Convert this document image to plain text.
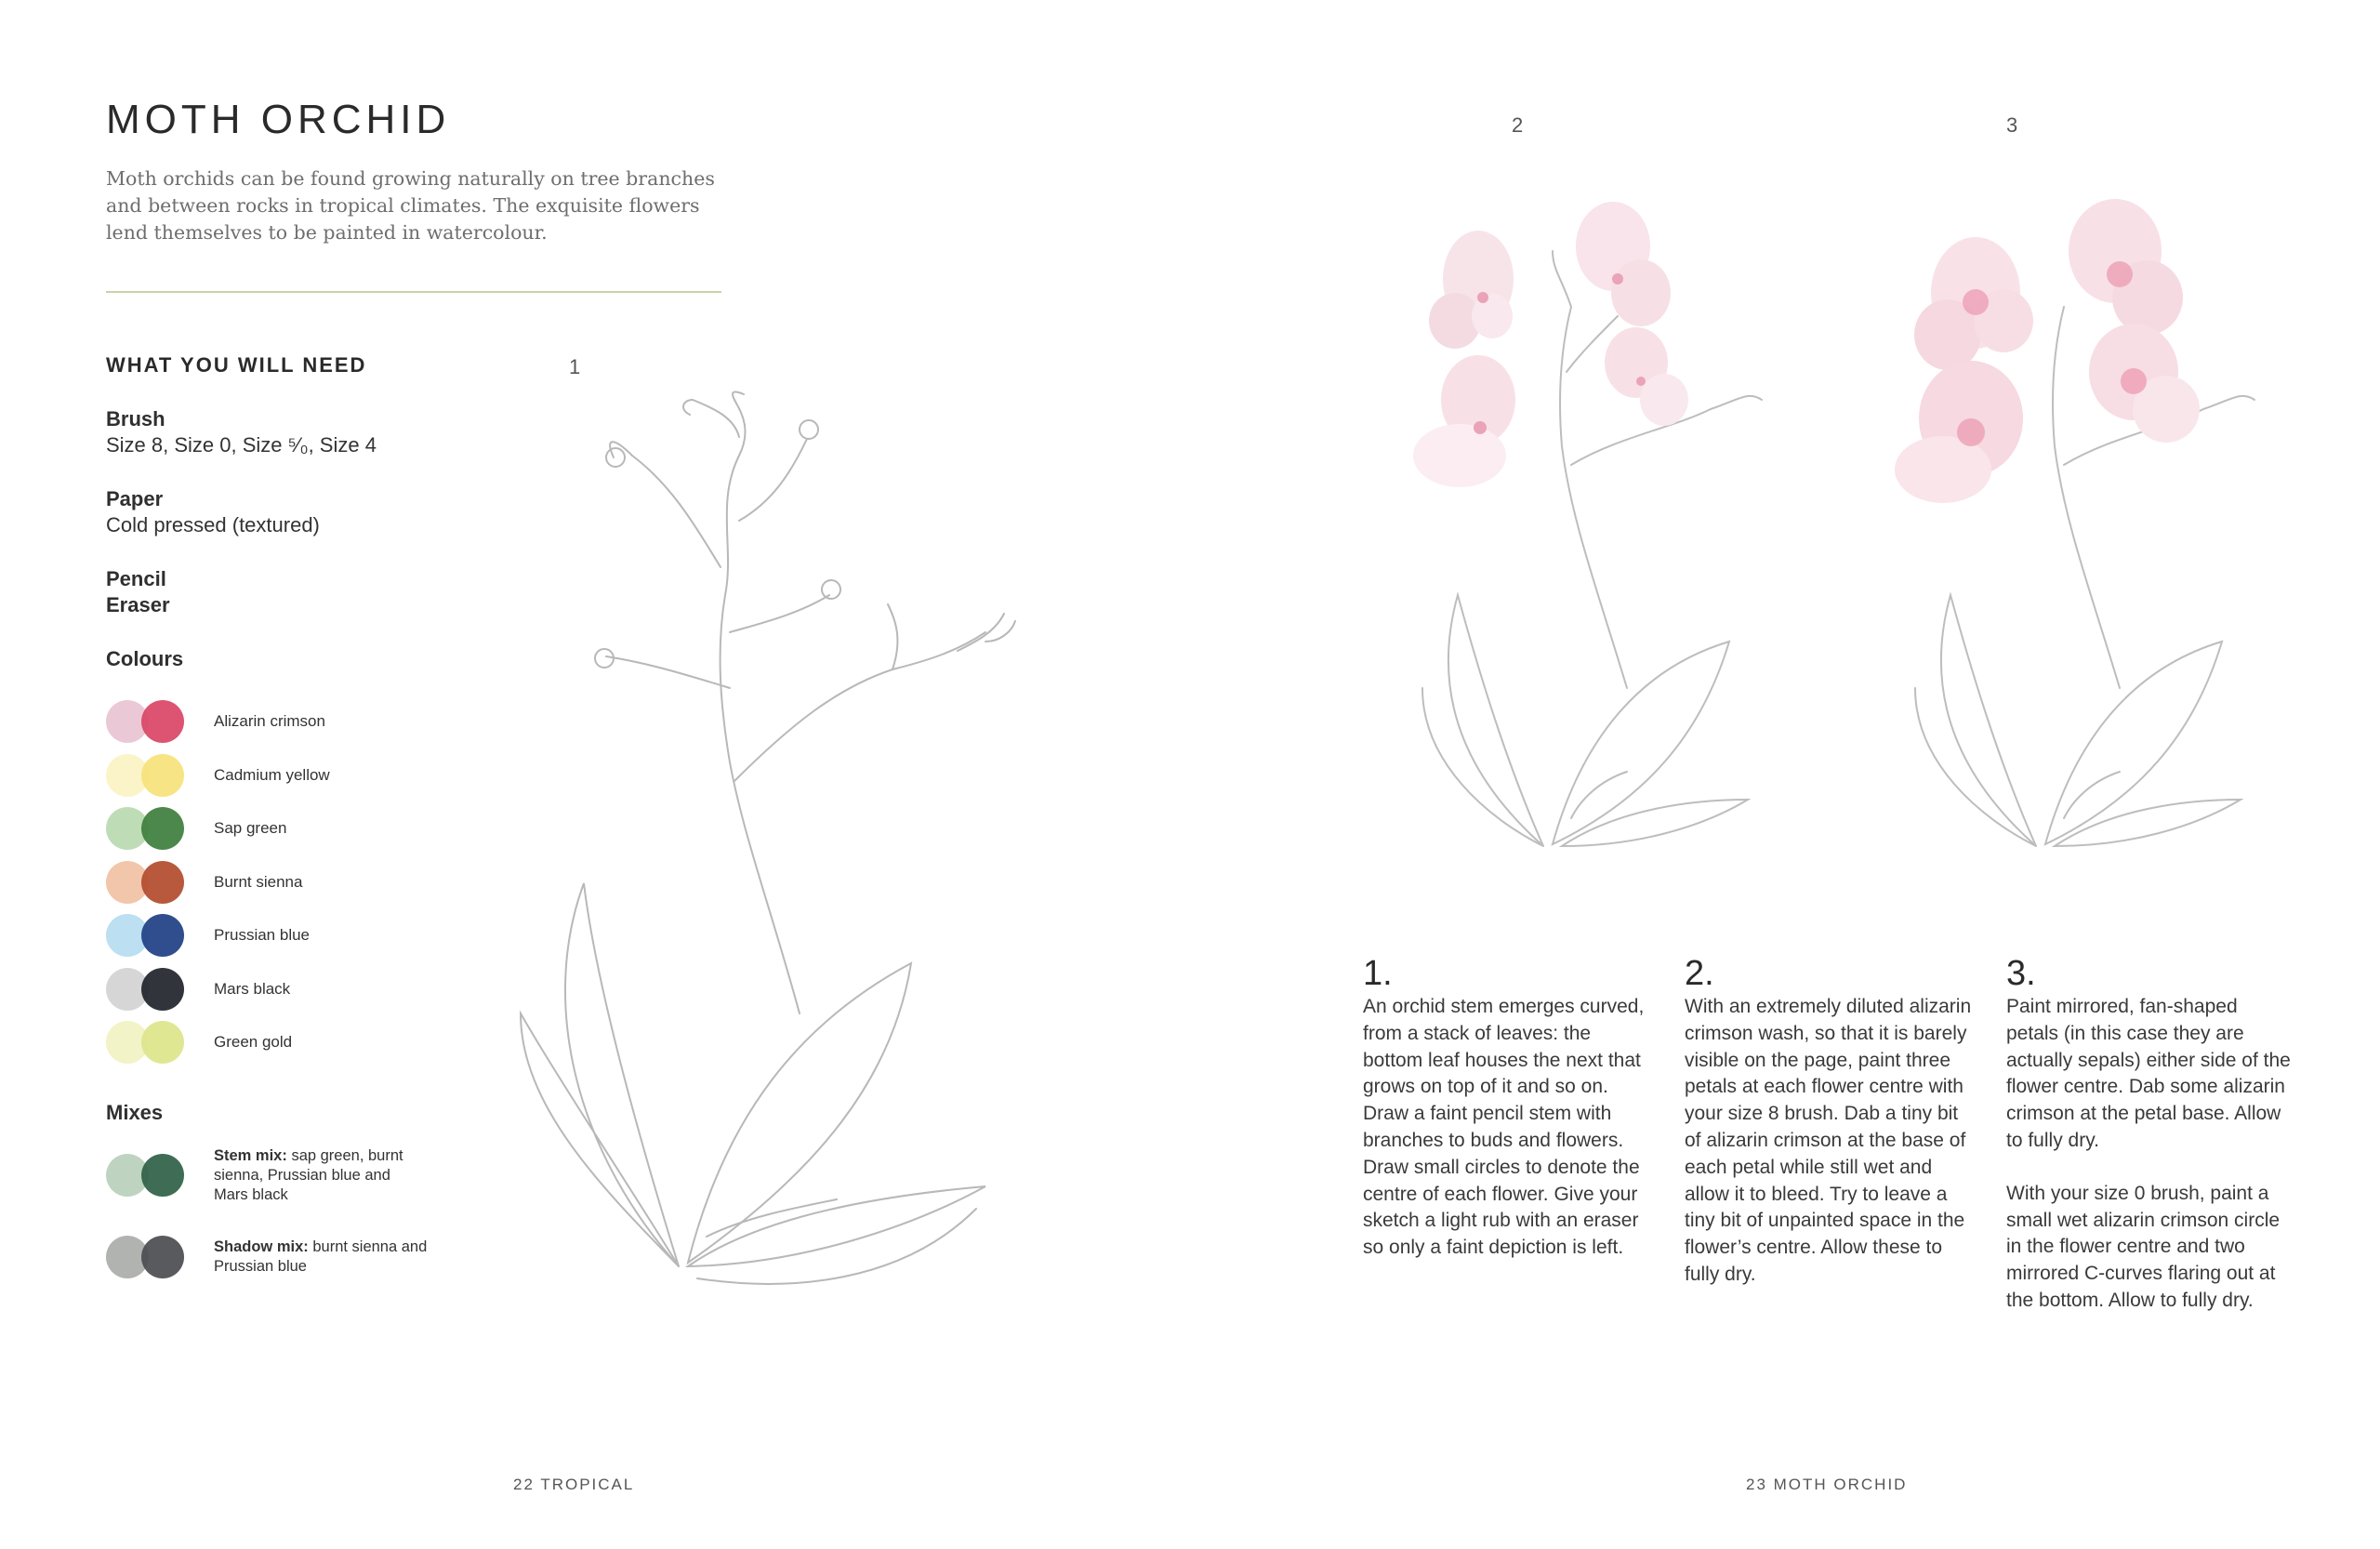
MOTH ORCHID

Moth orchids can be found growing naturally on tree branches and between rocks in tropical climates. The exquisite flowers lend themselves to be painted in watercolour.

WHAT YOU WILL NEED
Brush
Size 8, Size 0, Size ⁵⁄₀, Size 4
Paper
Cold pressed (textured)
Pencil
Eraser
Colours
Alizarin crimson
Cadmium yellow
Sap green
Burnt sienna
Prussian blue
Mars black
Green gold
Mixes
Stem mix: sap green, burnt sienna, Prussian blue and Mars black
Shadow mix: burnt sienna and Prussian blue
1
22 TROPICAL
2	3
1.
An orchid stem emerges curved, from a stack of leaves: the bottom leaf houses the next that grows on top of it and so on. Draw a faint pencil stem with branches to buds and flowers. Draw small circles to denote the centre of each flower. Give your sketch a light rub with an eraser so only a faint depiction is left.
2.
With an extremely diluted alizarin crimson wash, so that it is barely visible on the page, paint three petals at each flower centre with your size 8 brush. Dab a tiny bit of alizarin crimson at the base of each petal while still wet and allow it to bleed. Try to leave a tiny bit of unpainted space in the flower’s centre. Allow these to fully dry.
3.
Paint mirrored, fan-shaped petals (in this case they are actually sepals) either side of the flower centre. Dab some alizarin crimson at the petal base. Allow to fully dry.
With your size 0 brush, paint a small wet alizarin crimson circle in the flower centre and two mirrored C-curves flaring out at the bottom. Allow to fully dry.
23 MOTH ORCHID
